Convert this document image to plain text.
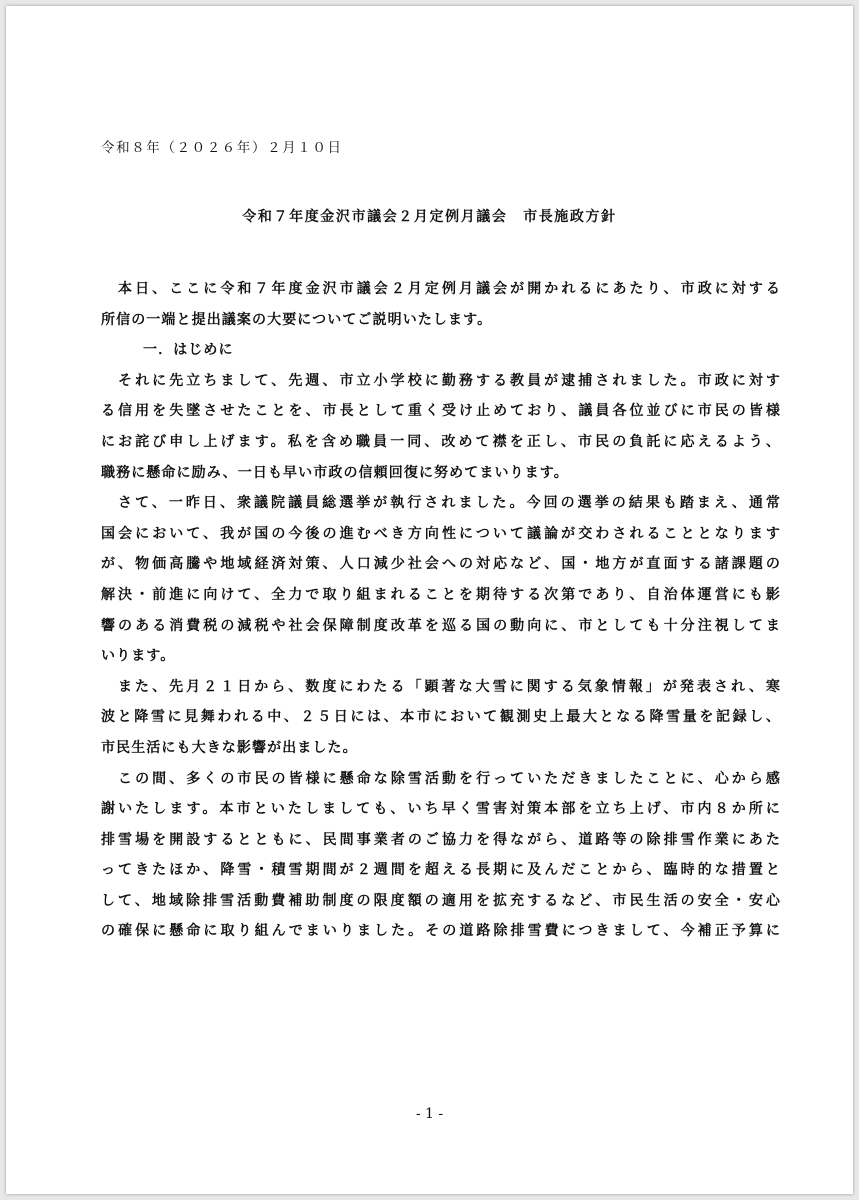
令和８年（２０２６年）２月１０日
令和７年度金沢市議会２月定例月議会　市長施政方針
　本日、ここに令和７年度金沢市議会２月定例月議会が開かれるにあたり、市政に対する
所信の一端と提出議案の大要についてご説明いたします。
一．はじめに
　それに先立ちまして、先週、市立小学校に勤務する教員が逮捕されました。市政に対す
る信用を失墜させたことを、市長として重く受け止めており、議員各位並びに市民の皆様
にお詫び申し上げます。私を含め職員一同、改めて襟を正し、市民の負託に応えるよう、
職務に懸命に励み、一日も早い市政の信頼回復に努めてまいります。
　さて、一昨日、衆議院議員総選挙が執行されました。今回の選挙の結果も踏まえ、通常
国会において、我が国の今後の進むべき方向性について議論が交わされることとなります
が、物価高騰や地域経済対策、人口減少社会への対応など、国・地方が直面する諸課題の
解決・前進に向けて、全力で取り組まれることを期待する次第であり、自治体運営にも影
響のある消費税の減税や社会保障制度改革を巡る国の動向に、市としても十分注視してま
いります。
　また、先月２１日から、数度にわたる「顕著な大雪に関する気象情報」が発表され、寒
波と降雪に見舞われる中、２５日には、本市において観測史上最大となる降雪量を記録し、
市民生活にも大きな影響が出ました。
　この間、多くの市民の皆様に懸命な除雪活動を行っていただきましたことに、心から感
謝いたします。本市といたしましても、いち早く雪害対策本部を立ち上げ、市内８か所に
排雪場を開設するとともに、民間事業者のご協力を得ながら、道路等の除排雪作業にあた
ってきたほか、降雪・積雪期間が２週間を超える長期に及んだことから、臨時的な措置と
して、地域除排雪活動費補助制度の限度額の適用を拡充するなど、市民生活の安全・安心
の確保に懸命に取り組んでまいりました。その道路除排雪費につきまして、今補正予算に
- 1 -
